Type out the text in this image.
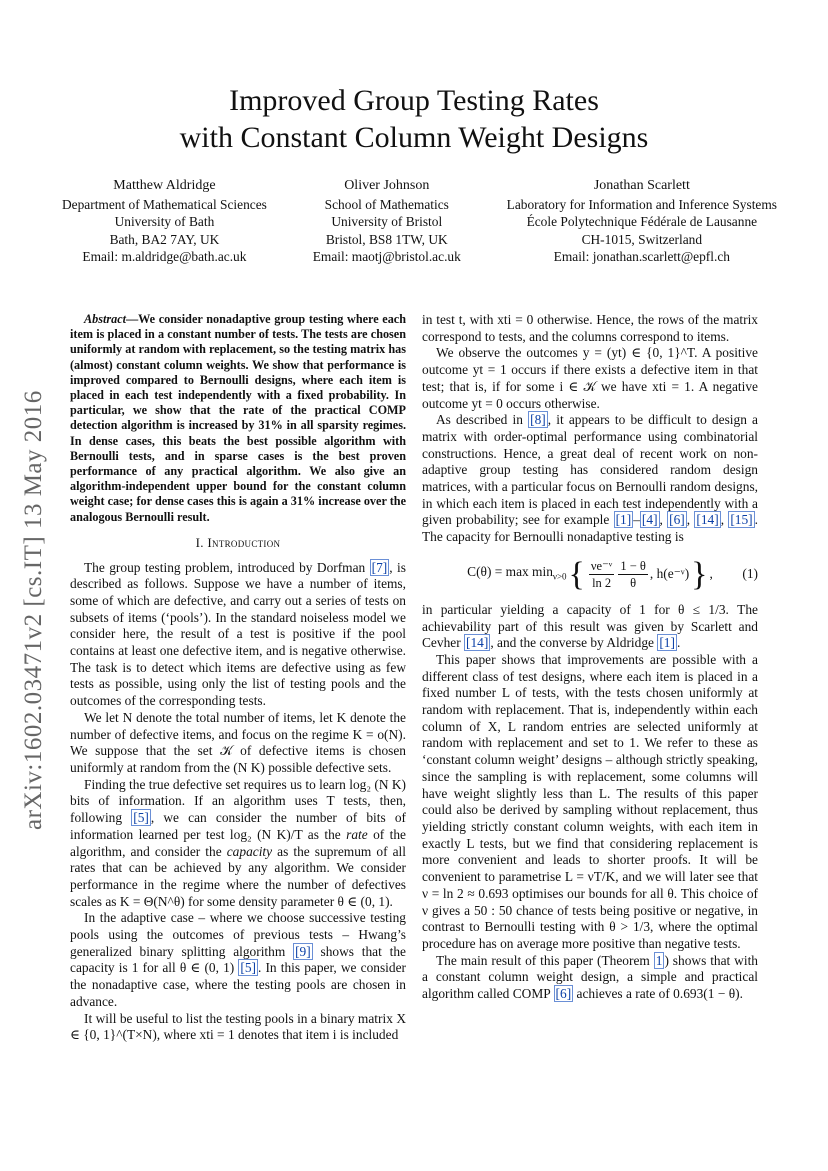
arXiv:1602.03471v2 [cs.IT] 13 May 2016
Improved Group Testing Rates
with Constant Column Weight Designs
Matthew Aldridge
Department of Mathematical Sciences
University of Bath
Bath, BA2 7AY, UK
Email: m.aldridge@bath.ac.uk
Oliver Johnson
School of Mathematics
University of Bristol
Bristol, BS8 1TW, UK
Email: maotj@bristol.ac.uk
Jonathan Scarlett
Laboratory for Information and Inference Systems
École Polytechnique Fédérale de Lausanne
CH-1015, Switzerland
Email: jonathan.scarlett@epfl.ch

Abstract—We consider nonadaptive group testing where each item is placed in a constant number of tests. The tests are chosen uniformly at random with replacement, so the testing matrix has (almost) constant column weights. We show that performance is improved compared to Bernoulli designs, where each item is placed in each test independently with a fixed probability. In particular, we show that the rate of the practical COMP detection algorithm is increased by 31% in all sparsity regimes. In dense cases, this beats the best possible algorithm with Bernoulli tests, and in sparse cases is the best proven performance of any practical algorithm. We also give an algorithm-independent upper bound for the constant column weight case; for dense cases this is again a 31% increase over the analogous Bernoulli result.

I. Introduction

The group testing problem, introduced by Dorfman [7] , is described as follows. Suppose we have a number of items, some of which are defective, and carry out a series of tests on subsets of items (‘pools’). In the standard noiseless model we consider here, the result of a test is positive if the pool contains at least one defective item, and is negative otherwise. The task is to detect which items are defective using as few tests as possible, using only the list of testing pools and the outcomes of the corresponding tests.

We let N denote the total number of items, let K denote the number of defective items, and focus on the regime K = o(N). We suppose that the set 𝒦 of defective items is chosen uniformly at random from the (N K) possible defective sets.

Finding the true defective set requires us to learn log₂ (N K) bits of information. If an algorithm uses T tests, then, following [5] , we can consider the number of bits of information learned per test log₂ (N K)/T as the rate of the algorithm, and consider the capacity as the supremum of all rates that can be achieved by any algorithm. We consider performance in the regime where the number of defectives scales as K = Θ(N^θ) for some density parameter θ ∈ (0, 1).

In the adaptive case – where we choose successive testing pools using the outcomes of previous tests – Hwang’s generalized binary splitting algorithm [9] shows that the capacity is 1 for all θ ∈ (0, 1) [5] . In this paper, we consider the nonadaptive case, where the testing pools are chosen in advance.

It will be useful to list the testing pools in a binary matrix X ∈ {0, 1}^(T×N), where xti = 1 denotes that item i is included

in test t, with xti = 0 otherwise. Hence, the rows of the matrix correspond to tests, and the columns correspond to items.

We observe the outcomes y = (yt) ∈ {0, 1}^T. A positive outcome yt = 1 occurs if there exists a defective item in that test; that is, if for some i ∈ 𝒦 we have xti = 1. A negative outcome yt = 0 occurs otherwise.

As described in [8] , it appears to be difficult to design a matrix with order-optimal performance using combinatorial constructions. Hence, a great deal of recent work on non-adaptive group testing has considered random design matrices, with a particular focus on Bernoulli random designs, in which each item is placed in each test independently with a given probability; see for example [1] – [4] , [6] , [14] , [15] . The capacity for Bernoulli nonadaptive testing is

$C(\theta) = \max \min_{\nu>0}$ { $\frac{\text{νe⁻ᵛ}}{\ln 2} \frac{1 - \theta}{\theta}$ , h(e⁻ᵛ) } , (1)

in particular yielding a capacity of 1 for θ ≤ 1/3. The achievability part of this result was given by Scarlett and Cevher [14] , and the converse by Aldridge [1] .

This paper shows that improvements are possible with a different class of test designs, where each item is placed in a fixed number L of tests, with the tests chosen uniformly at random with replacement. That is, independently within each column of X, L random entries are selected uniformly at random with replacement and set to 1. We refer to these as ‘constant column weight’ designs – although strictly speaking, since the sampling is with replacement, some columns will have weight slightly less than L. The results of this paper could also be derived by sampling without replacement, thus yielding strictly constant column weights, with each item in exactly L tests, but we find that considering replacement is more convenient and leads to shorter proofs. It will be convenient to parametrise L = νT/K, and we will later see that ν = ln 2 ≈ 0.693 optimises our bounds for all θ. This choice of ν gives a 50 : 50 chance of tests being positive or negative, in contrast to Bernoulli testing with θ > 1/3, where the optimal procedure has on average more positive than negative tests.

The main result of this paper (Theorem 1 ) shows that with a constant column weight design, a simple and practical algorithm called COMP [6] achieves a rate of 0.693(1 − θ).
